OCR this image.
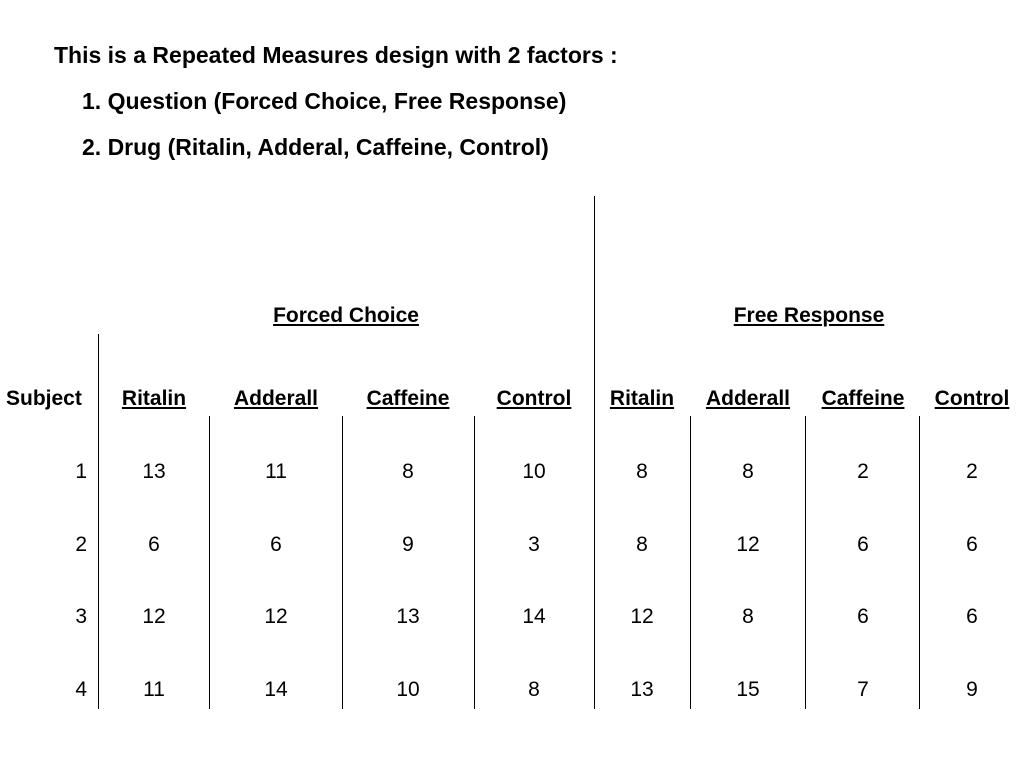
This is a Repeated Measures design with 2 factors :
1. Question (Forced Choice, Free Response)
2. Drug (Ritalin, Adderal, Caffeine, Control)
Forced Choice	Free Response
Subject Ritalin Adderall Caffeine Control Ritalin Adderall Caffeine Control
1	13	11	8	10	8	8	2	2
2	6	6	9	3	8	12	6	6
3	12	12	13	14	12	8	6	6
4	11	14	10	8	13	15	7	9
